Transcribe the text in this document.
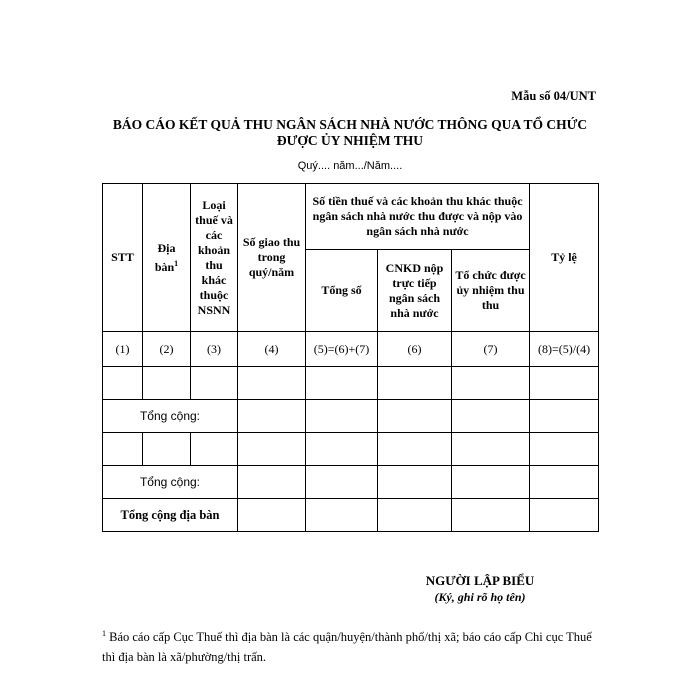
Mẫu số 04/UNT
BÁO CÁO KẾT QUẢ THU NGÂN SÁCH NHÀ NƯỚC THÔNG QUA TỔ CHỨC ĐƯỢC ỦY NHIỆM THU
Quý.... năm.../Năm....
STT	Địa bàn$^1$	Loại thuế và các khoản thu khác thuộc NSNN	Số giao thu trong quý/năm	Số tiền thuế và các khoản thu khác thuộc ngân sách nhà nước thu được và nộp vào ngân sách nhà nước			Tỷ lệ
				Tổng số	CNKD nộp trực tiếp ngân sách nhà nước	Tổ chức được ủy nhiệm thu thu	
(1)	(2)	(3)	(4)	(5)=(6)+(7)	(6)	(7)	(8)=(5)/(4)

Tổng cộng:							

Tổng cộng:							
Tổng cộng địa bàn							
NGƯỜI LẬP BIỂU
(Ký, ghi rõ họ tên)
$^1$ Báo cáo cấp Cục Thuế thì địa bàn là các quận/huyện/thành phố/thị xã; báo cáo cấp Chi cục Thuế thì địa bàn là xã/phường/thị trấn.
